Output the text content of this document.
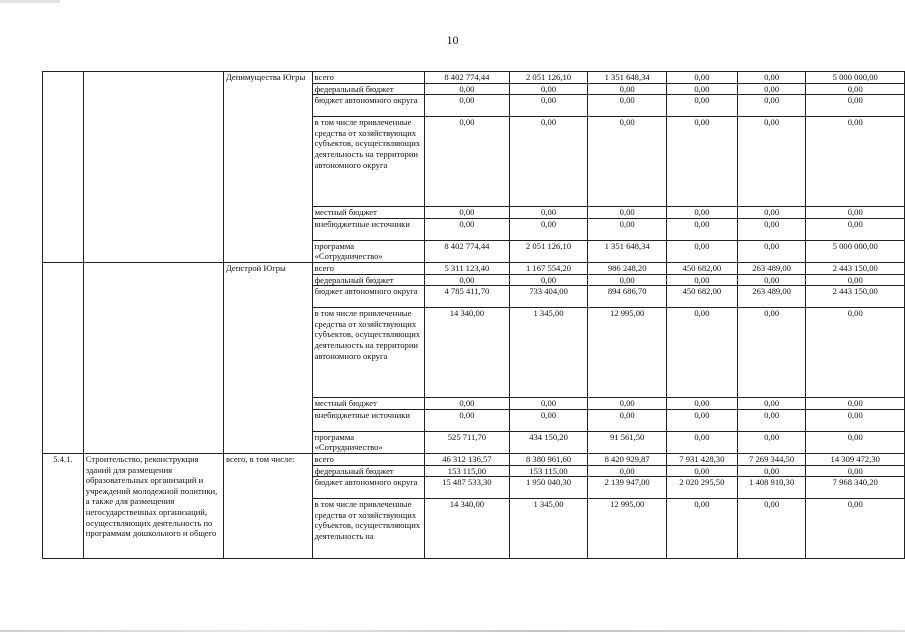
10
		Депимущества Югры	всего	8 402 774,44	2 051 126,10	1 351 648,34	0,00	0,00	5 000 000,00
			федеральный бюджет	0,00	0,00	0,00	0,00	0,00	0,00
			бюджет автономного округа	0,00	0,00	0,00	0,00	0,00	0,00
			в том числе привлеченные средства от хозяйствующих субъектов, осуществляющих деятельность на территории автономного округа	0,00	0,00	0,00	0,00	0,00	0,00
			местный бюджет	0,00	0,00	0,00	0,00	0,00	0,00
			внебюджетные источники	0,00	0,00	0,00	0,00	0,00	0,00
			программа «Сотрудничество»	8 402 774,44	2 051 126,10	1 351 648,34	0,00	0,00	5 000 000,00
		Депстрой Югры	всего	5 311 123,40	1 167 554,20	986 248,20	450 682,00	263 489,00	2 443 150,00
			федеральный бюджет	0,00	0,00	0,00	0,00	0,00	0,00
			бюджет автономного округа	4 785 411,70	733 404,00	894 686,70	450 682,00	263 489,00	2 443 150,00
			в том числе привлеченные средства от хозяйствующих субъектов, осуществляющих деятельность на территории автономного округа	14 340,00	1 345,00	12 995,00	0,00	0,00	0,00
			местный бюджет	0,00	0,00	0,00	0,00	0,00	0,00
			внебюджетные источники	0,00	0,00	0,00	0,00	0,00	0,00
			программа «Сотрудничество»	525 711,70	434 150,20	91 561,50	0,00	0,00	0,00
5.4.1.	Строительство, реконструкция зданий для размещения образовательных организаций и учреждений молодежной политики, а также для размещения негосударственных организаций, осуществляющих деятельность по программам дошкольного и общего	всего, в том числе:	всего	46 312 136,57	8 380 961,60	8 420 929,87	7 931 428,30	7 269 344,50	14 309 472,30
			федеральный бюджет	153 115,00	153 115,00	0,00	0,00	0,00	0,00
			бюджет автономного округа	15 487 533,30	1 950 040,30	2 139 947,00	2 020 295,50	1 408 910,30	7 968 340,20
			в том числе привлеченные средства от хозяйствующих субъектов, осуществляющих деятельность на	14 340,00	1 345,00	12 995,00	0,00	0,00	0,00
